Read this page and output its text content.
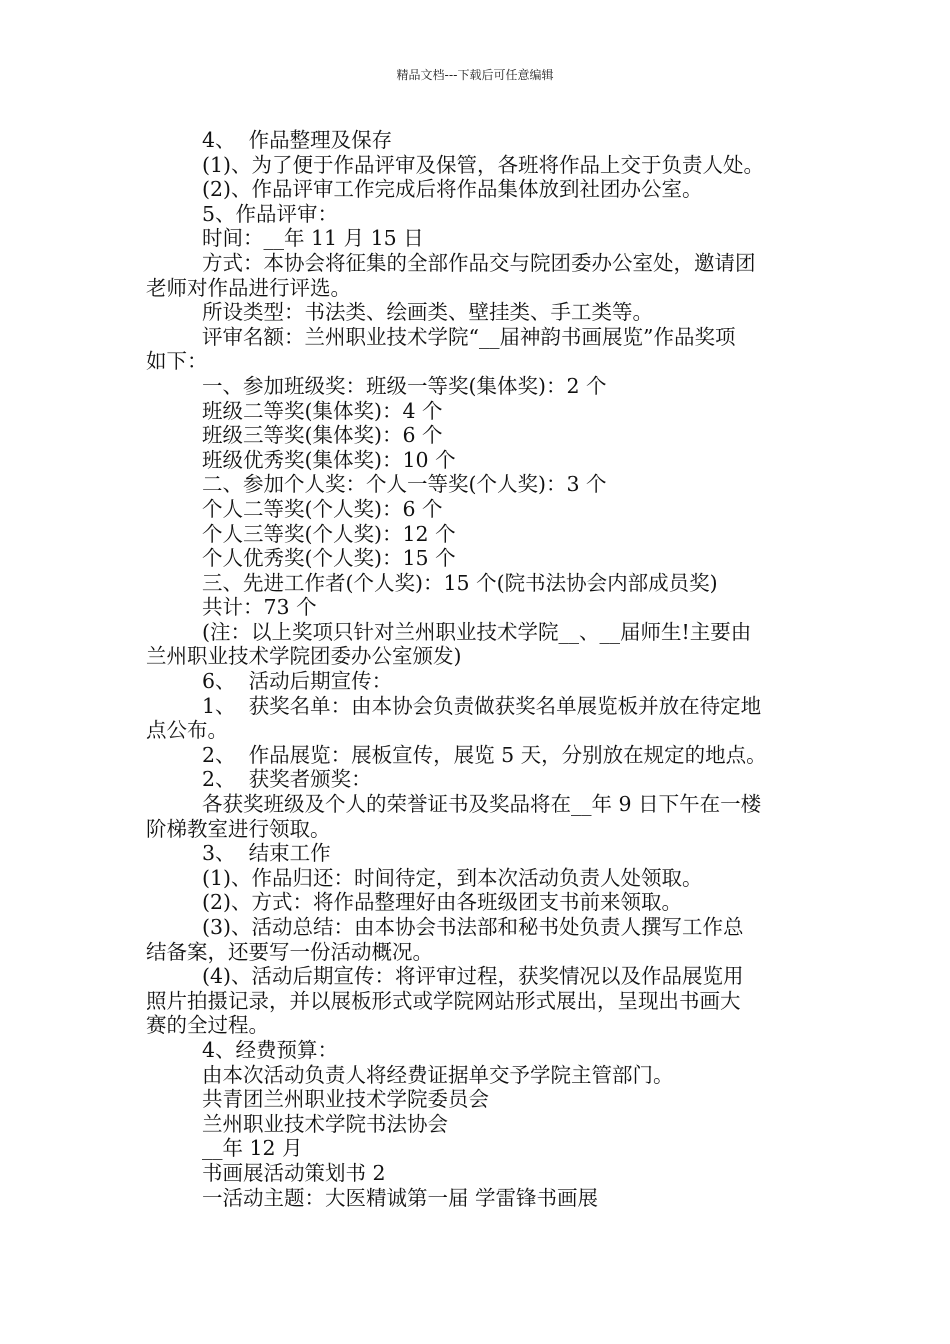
精品文档---下载后可任意编辑
4、  作品整理及保存
(1)、为了便于作品评审及保管，各班将作品上交于负责人处。
(2)、作品评审工作完成后将作品集体放到社团办公室。
5、作品评审：
时间：__年 11 月 15 日
方式：本协会将征集的全部作品交与院团委办公室处，邀请团
老师对作品进行评选。
所设类型：书法类、绘画类、壁挂类、手工类等。
评审名额：兰州职业技术学院“__届神韵书画展览”作品奖项
如下：
一、参加班级奖：班级一等奖(集体奖)：2 个
班级二等奖(集体奖)：4 个
班级三等奖(集体奖)：6 个
班级优秀奖(集体奖)：10 个
二、参加个人奖：个人一等奖(个人奖)：3 个
个人二等奖(个人奖)：6 个
个人三等奖(个人奖)：12 个
个人优秀奖(个人奖)：15 个
三、先进工作者(个人奖)：15 个(院书法协会内部成员奖)
共计：73 个
(注：以上奖项只针对兰州职业技术学院__、__届师生!主要由
兰州职业技术学院团委办公室颁发)
6、  活动后期宣传：
1、  获奖名单：由本协会负责做获奖名单展览板并放在待定地
点公布。
2、  作品展览：展板宣传，展览 5 天，分别放在规定的地点。
2、  获奖者颁奖：
各获奖班级及个人的荣誉证书及奖品将在__年 9 日下午在一楼
阶梯教室进行领取。
3、  结束工作
(1)、作品归还：时间待定，到本次活动负责人处领取。
(2)、方式：将作品整理好由各班级团支书前来领取。
(3)、活动总结：由本协会书法部和秘书处负责人撰写工作总
结备案，还要写一份活动概况。
(4)、活动后期宣传：将评审过程，获奖情况以及作品展览用
照片拍摄记录，并以展板形式或学院网站形式展出，呈现出书画大
赛的全过程。
4、经费预算：
由本次活动负责人将经费证据单交予学院主管部门。
共青团兰州职业技术学院委员会
兰州职业技术学院书法协会
__年 12 月
书画展活动策划书 2
一活动主题：大医精诚第一届 学雷锋书画展
